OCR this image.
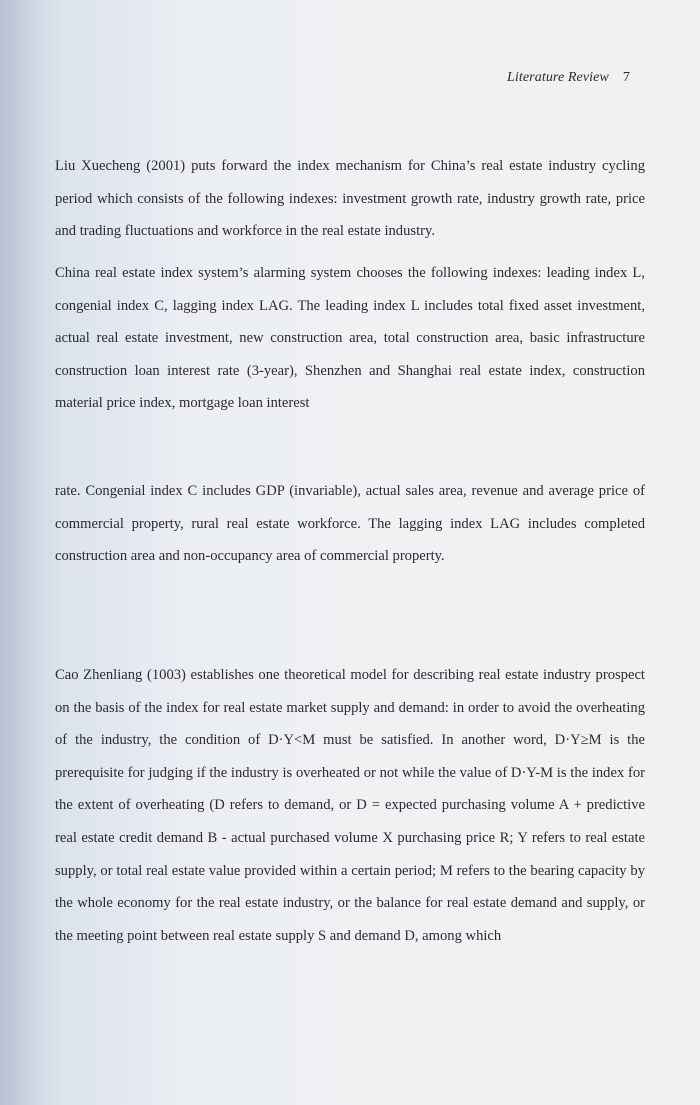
Literature Review 7

Liu Xuecheng (2001) puts forward the index mechanism for China’s real estate industry cycling period which consists of the following indexes: investment growth rate, industry growth rate, price and trading fluctuations and workforce in the real estate industry.

China real estate index system’s alarming system chooses the following indexes: leading index L, congenial index C, lagging index LAG. The leading index L includes total fixed asset investment, actual real estate investment, new construction area, total construction area, basic infrastructure construction loan interest rate (3-year), Shenzhen and Shanghai real estate index, construction material price index, mortgage loan interest

rate. Congenial index C includes GDP (invariable), actual sales area, revenue and average price of commercial property, rural real estate workforce. The lagging index LAG includes completed construction area and non-occupancy area of commercial property.

Cao Zhenliang (1003) establishes one theoretical model for describing real estate industry prospect on the basis of the index for real estate market supply and demand: in order to avoid the overheating of the industry, the condition of D·Y<M must be satisfied. In another word, D·Y≥M is the prerequisite for judging if the industry is overheated or not while the value of D·Y-M is the index for the extent of overheating (D refers to demand, or D = expected purchasing volume A + predictive real estate credit demand B - actual purchased volume X purchasing price R; Y refers to real estate supply, or total real estate value provided within a certain period; M refers to the bearing capacity by the whole economy for the real estate industry, or the balance for real estate demand and supply, or the meeting point between real estate supply S and demand D, among which
